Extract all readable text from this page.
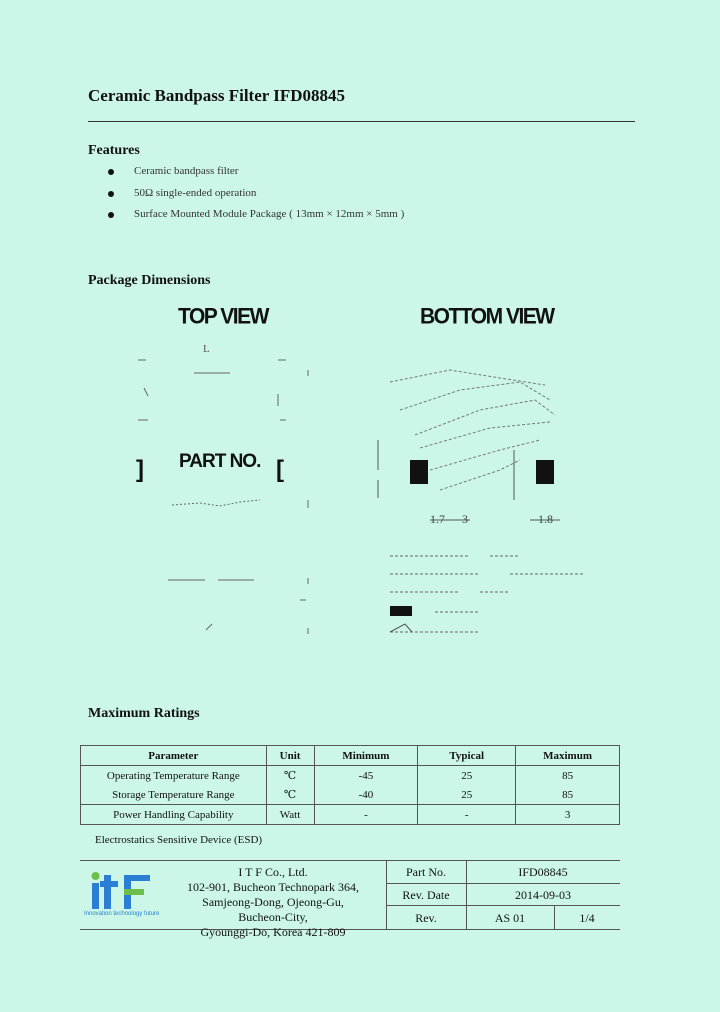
Ceramic Bandpass Filter IFD08845
Features
Ceramic bandpass filter
50Ω single-ended operation
Surface Mounted Module Package ( 13mm × 12mm × 5mm )
Package Dimensions
TOP VIEW	BOTTOM VIEW
L
] PART NO. [
1.7 3	1.8
Maximum Ratings
Parameter	Unit	Minimum	Typical	Maximum
Operating Temperature Range	℃	-45	25	85
Storage Temperature Range	℃	-40	25	85
Power Handling Capability	Watt	-	-	3
Electrostatics Sensitive Device (ESD)
Innovation technology future
I T F Co., Ltd.
102-901, Bucheon Technopark 364,
Samjeong-Dong, Ojeong-Gu, Bucheon-City,
Gyounggi-Do, Korea 421-809
Part No.	IFD08845
Rev. Date	2014-09-03
Rev.	AS 01	1/4
